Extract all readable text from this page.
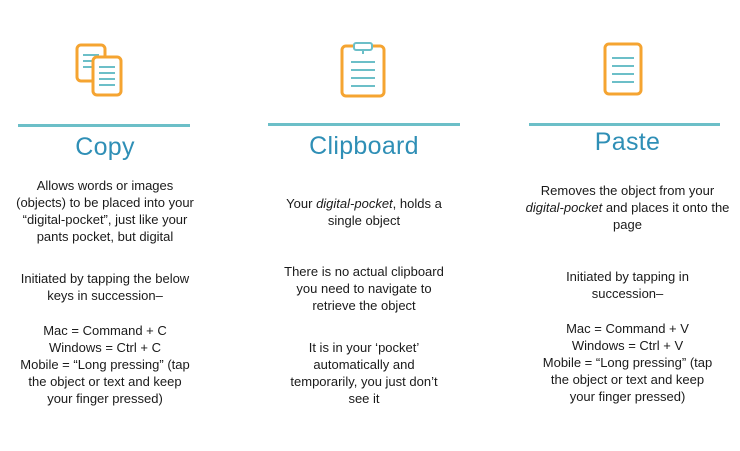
Copy
Allows words or images
(objects) to be placed into your
“digital-pocket”, just like your
pants pocket, but digital
Initiated by tapping the below
keys in succession–
Mac = Command + C
Windows = Ctrl + C
Mobile = “Long pressing” (tap
the object or text and keep
your finger pressed)
Clipboard
Your digital-pocket, holds a
single object
There is no actual clipboard
you need to navigate to
retrieve the object
It is in your ‘pocket’
automatically and
temporarily, you just don’t
see it
Paste
Removes the object from your
digital-pocket and places it onto the
page
Initiated by tapping in
succession–
Mac = Command + V
Windows = Ctrl + V
Mobile = “Long pressing” (tap
the object or text and keep
your finger pressed)
